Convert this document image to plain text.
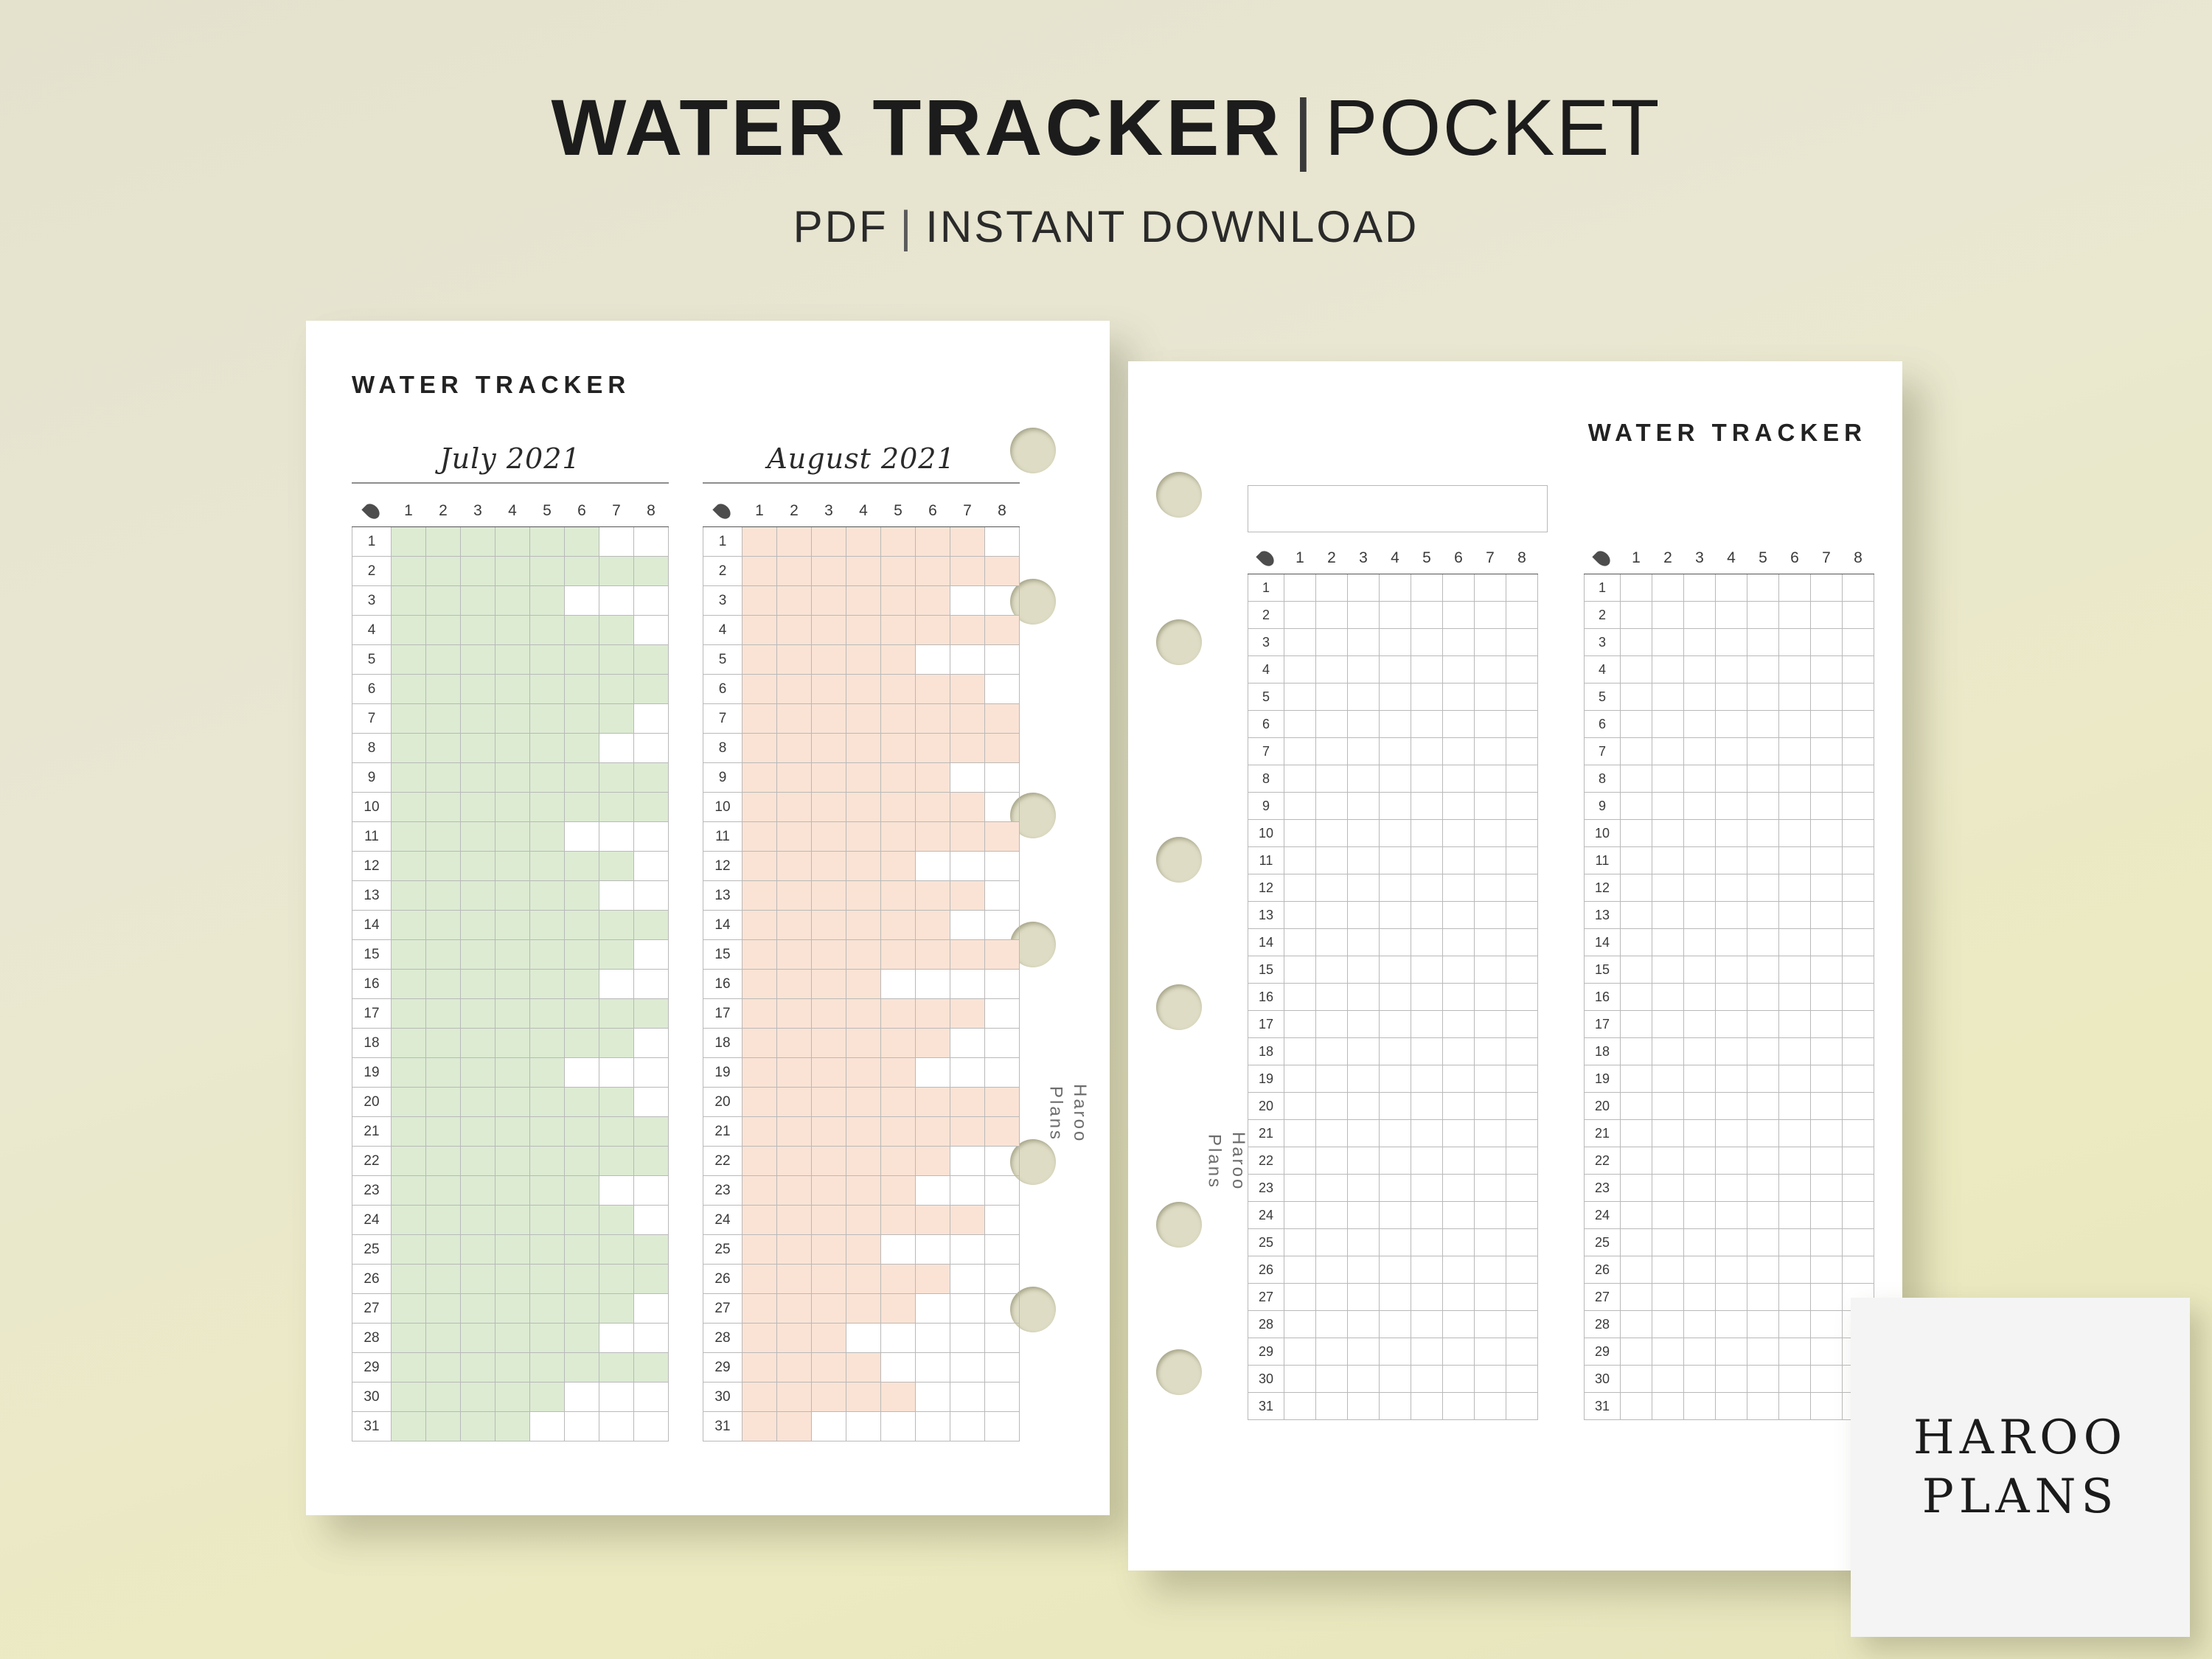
WATER TRACKER | POCKET
PDF | INSTANT DOWNLOAD
WATER TRACKER
Haroo
Plans
July 2021
	1	2	3	4	5	6	7	8
1								
2								
3								
4								
5								
6								
7								
8								
9								
10								
11								
12								
13								
14								
15								
16								
17								
18								
19								
20								
21								
22								
23								
24								
25								
26								
27								
28								
29								
30								
31								
August 2021
	1	2	3	4	5	6	7	8
1								
2								
3								
4								
5								
6								
7								
8								
9								
10								
11								
12								
13								
14								
15								
16								
17								
18								
19								
20								
21								
22								
23								
24								
25								
26								
27								
28								
29								
30								
31								
WATER TRACKER
Haroo
Plans
	1	2	3	4	5	6	7	8
1								
2								
3								
4								
5								
6								
7								
8								
9								
10								
11								
12								
13								
14								
15								
16								
17								
18								
19								
20								
21								
22								
23								
24								
25								
26								
27								
28								
29								
30								
31								
	1	2	3	4	5	6	7	8
1								
2								
3								
4								
5								
6								
7								
8								
9								
10								
11								
12								
13								
14								
15								
16								
17								
18								
19								
20								
21								
22								
23								
24								
25								
26								
27								
28								
29								
30								
31								
HAROO
PLANS
